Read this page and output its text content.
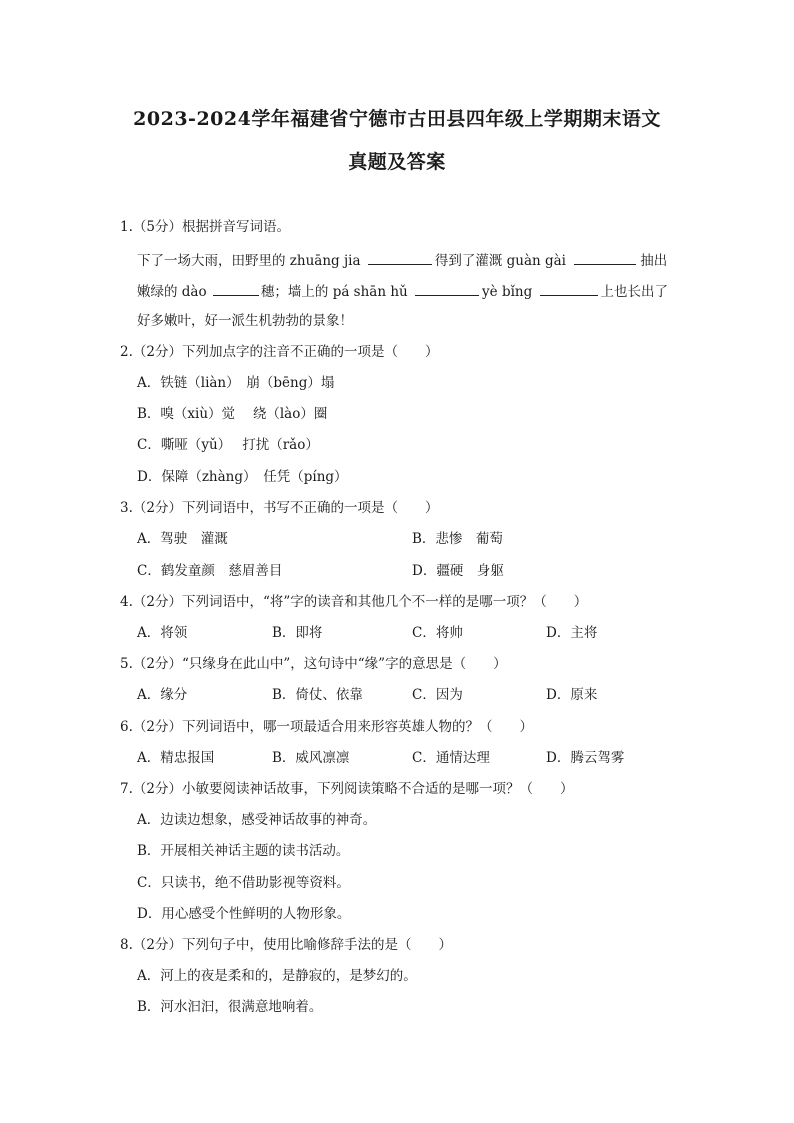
2023-2024学年福建省宁德市古田县四年级上学期期末语文
真题及答案
1.（5分）根据拼音写词语。
下了一场大雨，田野里的 zhuāng jia	得到了灌溉 guàn gài	抽出
嫩绿的 dào	穗；墙上的 pá shān hǔ	yè bǐng	上也长出了
好多嫩叶，好一派生机勃勃的景象！
2.（2分）下列加点字的注音不正确的一项是（　　）
A．铁链（liàn）　崩（bēng）塌
B．嗅（xiù）觉　 绕（lào）圈
C．嘶哑（yǔ）　 打扰（rǎo）
D．保障（zhàng）　任凭（píng）
3.（2分）下列词语中，书写不正确的一项是（　　）
A．驾驶　灌溉	B．悲惨　葡萄
C．鹤发童颜　慈眉善目	D．疆硬　身躯
4.（2分）下列词语中，“将”字的读音和其他几个不一样的是哪一项？（　　）
A．将领	B．即将	C．将帅	D．主将
5.（2分）“只缘身在此山中”，这句诗中“缘”字的意思是（　　）
A．缘分	B．倚仗、依靠	C．因为	D．原来
6.（2分）下列词语中，哪一项最适合用来形容英雄人物的？（　　）
A．精忠报国	B．威风凛凛	C．通情达理	D．腾云驾雾
7.（2分）小敏要阅读神话故事，下列阅读策略不合适的是哪一项？（　　）
A．边读边想象，感受神话故事的神奇。
B．开展相关神话主题的读书活动。
C．只读书，绝不借助影视等资料。
D．用心感受个性鲜明的人物形象。
8.（2分）下列句子中，使用比喻修辞手法的是（　　）
A．河上的夜是柔和的，是静寂的，是梦幻的。
B．河水汩汩，很满意地响着。
